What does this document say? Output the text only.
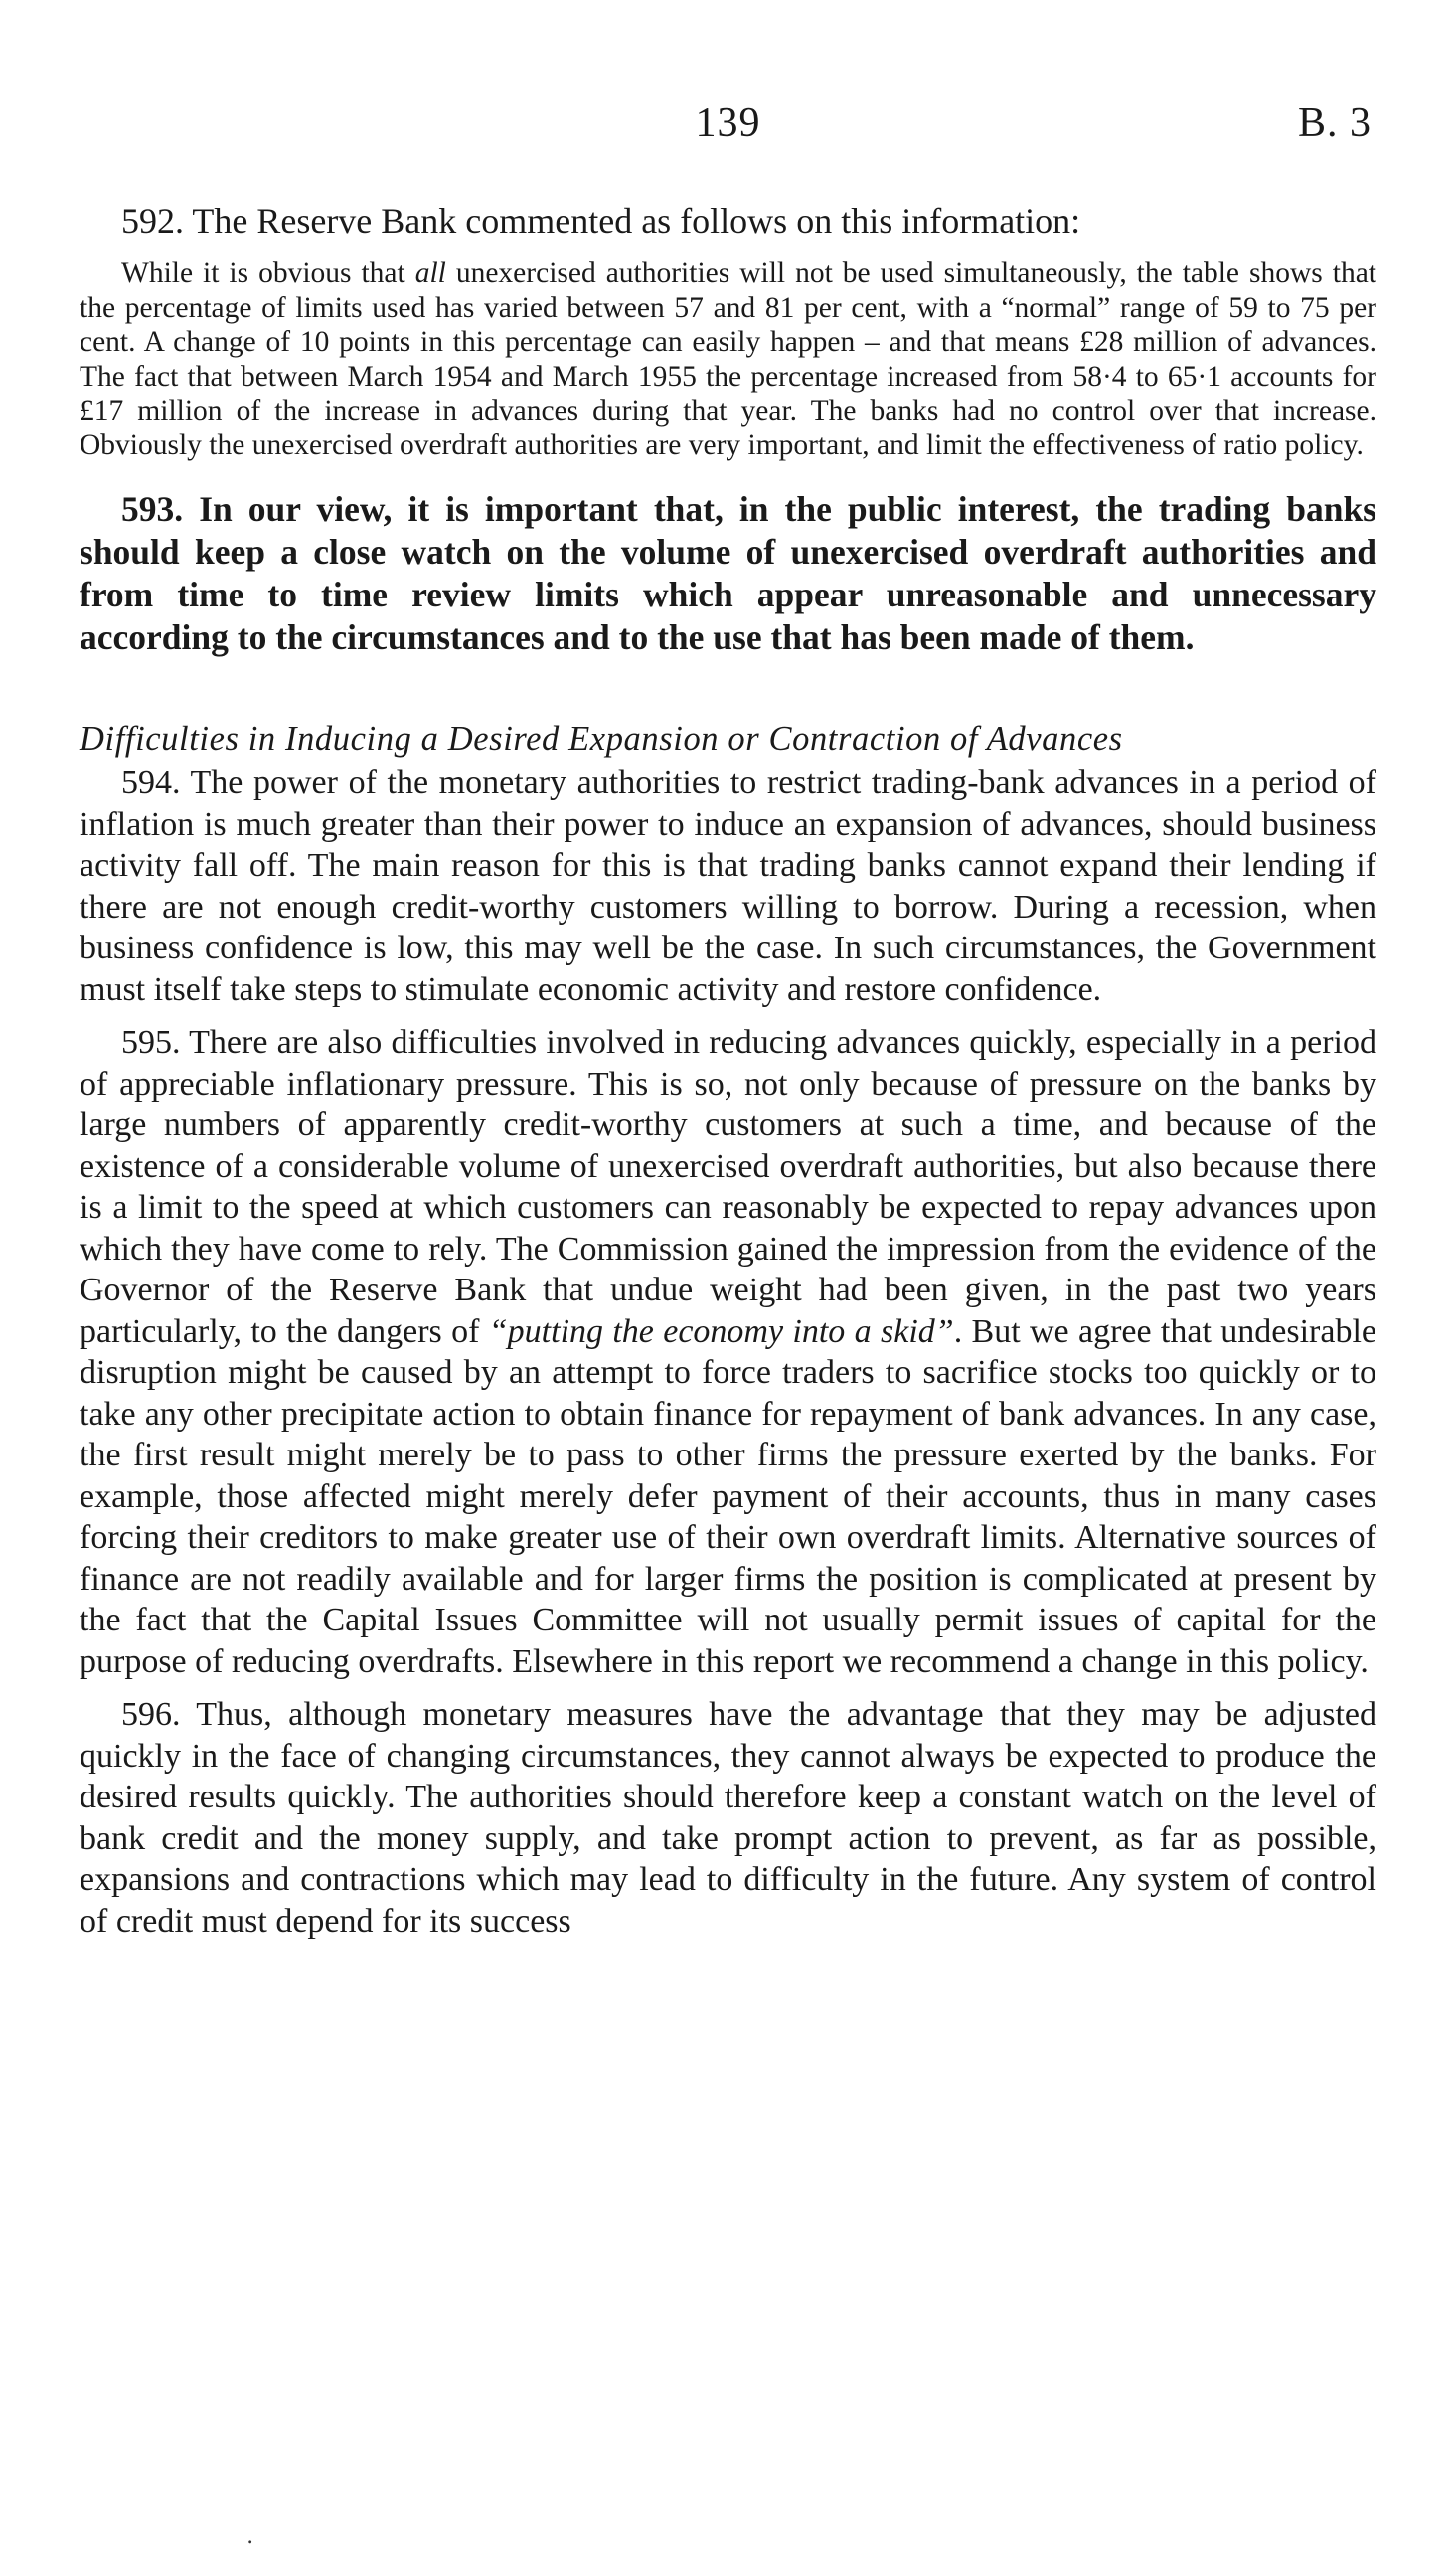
139	B. 3

592. The Reserve Bank commented as follows on this information:

While it is obvious that all unexercised authorities will not be used simultaneously, the table shows that the percentage of limits used has varied between 57 and 81 per cent, with a “normal” range of 59 to 75 per cent. A change of 10 points in this percentage can easily happen – and that means £28 million of advances. The fact that between March 1954 and March 1955 the percentage increased from 58·4 to 65·1 accounts for £17 million of the increase in advances during that year. The banks had no control over that increase. Obviously the unexercised overdraft authorities are very important, and limit the effectiveness of ratio policy.

593. In our view, it is important that, in the public interest, the trading banks should keep a close watch on the volume of unexercised overdraft authorities and from time to time review limits which appear unreasonable and unnecessary according to the circumstances and to the use that has been made of them.

Difficulties in Inducing a Desired Expansion or Contraction of Advances

594. The power of the monetary authorities to restrict trading-bank advances in a period of inflation is much greater than their power to induce an expansion of advances, should business activity fall off. The main reason for this is that trading banks cannot expand their lending if there are not enough credit-worthy customers willing to borrow. During a recession, when business confidence is low, this may well be the case. In such circumstances, the Government must itself take steps to stimulate economic activity and restore confidence.

595. There are also difficulties involved in reducing advances quickly, especially in a period of appreciable inflationary pressure. This is so, not only because of pressure on the banks by large numbers of apparently credit-worthy customers at such a time, and because of the existence of a considerable volume of unexercised overdraft authorities, but also because there is a limit to the speed at which customers can reasonably be expected to repay advances upon which they have come to rely. The Commission gained the impression from the evidence of the Governor of the Reserve Bank that undue weight had been given, in the past two years particularly, to the dangers of “putting the economy into a skid”. But we agree that undesirable disruption might be caused by an attempt to force traders to sacrifice stocks too quickly or to take any other precipitate action to obtain finance for repayment of bank advances. In any case, the first result might merely be to pass to other firms the pressure exerted by the banks. For example, those affected might merely defer payment of their accounts, thus in many cases forcing their creditors to make greater use of their own overdraft limits. Alternative sources of finance are not readily available and for larger firms the position is complicated at present by the fact that the Capital Issues Committee will not usually permit issues of capital for the purpose of reducing overdrafts. Elsewhere in this report we recommend a change in this policy.

596. Thus, although monetary measures have the advantage that they may be adjusted quickly in the face of changing circumstances, they cannot always be expected to produce the desired results quickly. The authorities should therefore keep a constant watch on the level of bank credit and the money supply, and take prompt action to prevent, as far as possible, expansions and contractions which may lead to difficulty in the future. Any system of control of credit must depend for its success

․
